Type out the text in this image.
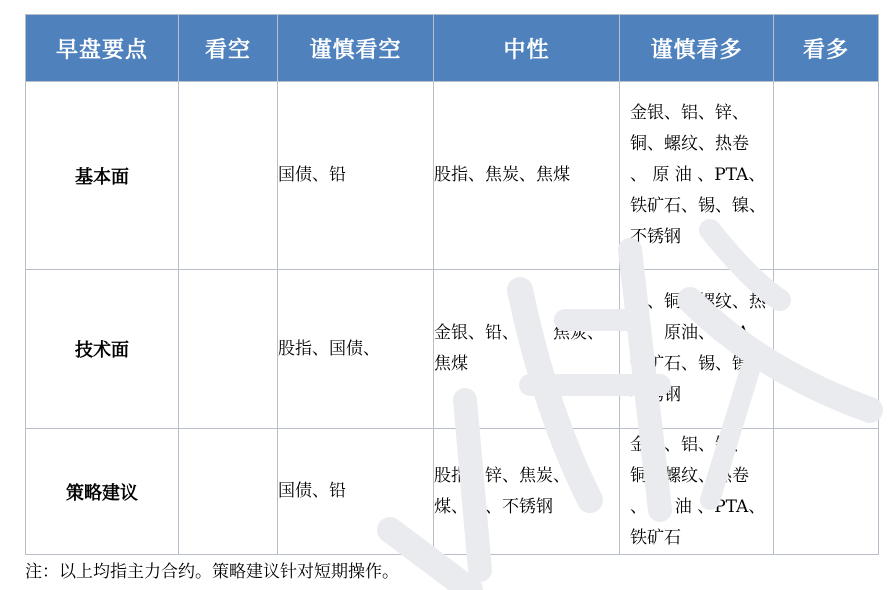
早盘要点	看空	谨慎看空	中性	谨慎看多	看多
基本面		国债、铅	股指、焦炭、焦煤	金银、铝、锌、铜、螺纹、热卷 、 原 油 、PTA、铁矿石、锡、镍、不锈钢	
技术面		股指、国债、	金银、铅、锌、焦炭、焦煤	铝、铜、螺纹、热卷、原油、PTA、铁矿石、锡、镍、不锈钢	
策略建议		国债、铅	股指、锌、焦炭、焦煤、镍、不锈钢	金银、铝、锡、铜、螺纹、热卷 、 原 油 、PTA、铁矿石	
注：以上均指主力合约。策略建议针对短期操作。
